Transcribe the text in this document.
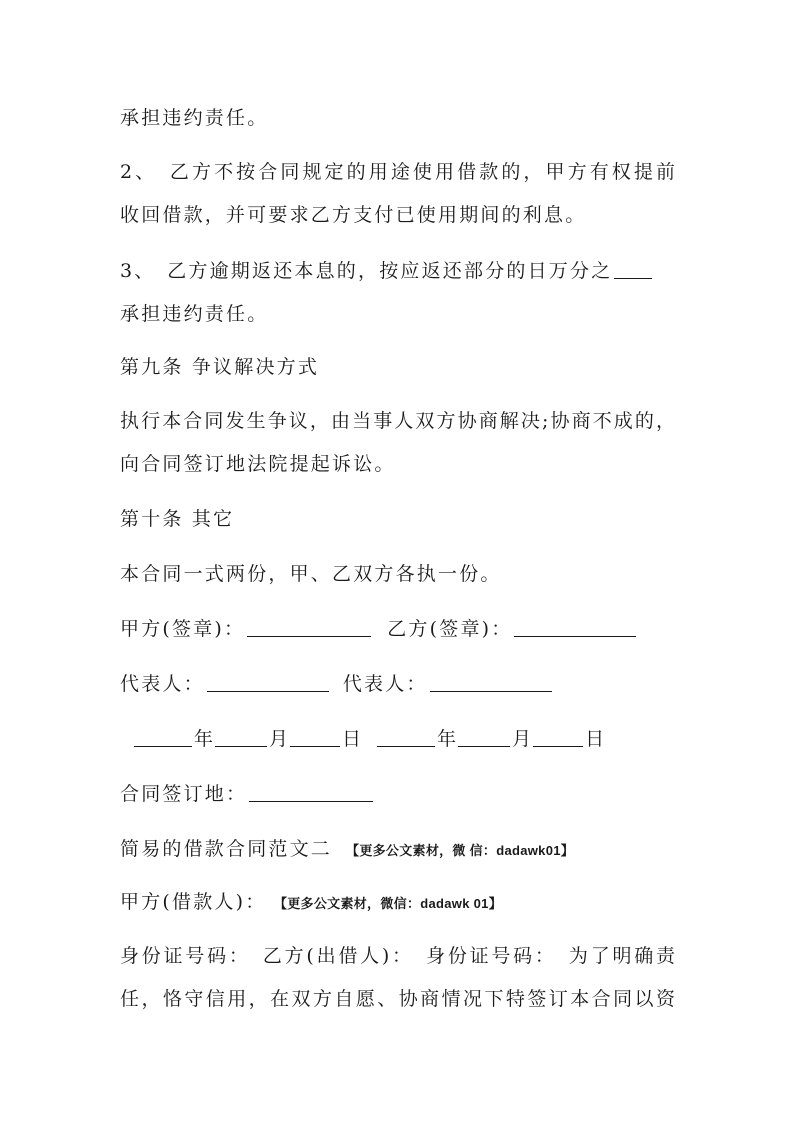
承担违约责任。
2、　乙方不按合同规定的用途使用借款的，甲方有权提前
收回借款，并可要求乙方支付已使用期间的利息。
3、　乙方逾期返还本息的，按应返还部分的日万分之
承担违约责任。
第九条 争议解决方式
执行本合同发生争议，由当事人双方协商解决;协商不成的，
向合同签订地法院提起诉讼。
第十条 其它
本合同一式两份，甲、乙双方各执一份。
甲方(签章)：	乙方(签章)：
代表人：	代表人：
年	月	日	年	月	日
合同签订地：
简易的借款合同范文二 【更多公文素材，微 信：dadawk01】
甲方(借款人)： 【更多公文素材，微信：dadawk 01】
身份证号码：　乙方(出借人)：　身份证号码：　为了明确责
任，恪守信用，在双方自愿、协商情况下特签订本合同以资
